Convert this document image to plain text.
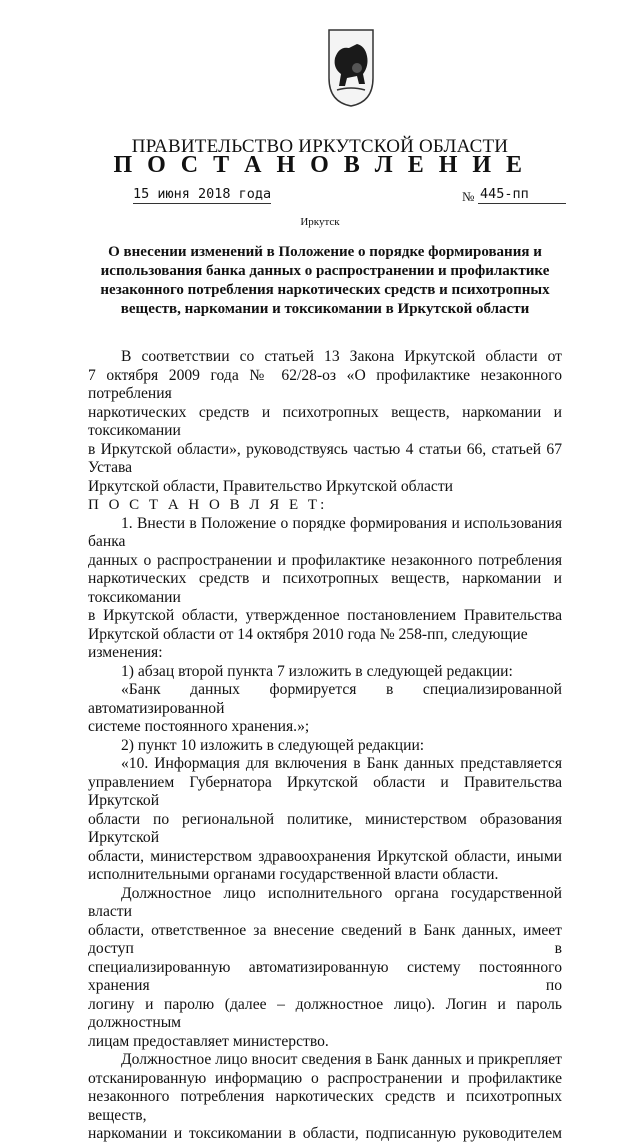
ПРАВИТЕЛЬСТВО ИРКУТСКОЙ ОБЛАСТИ
П О С Т А Н О В Л Е Н И Е
15 июня 2018 года	№ 445-пп
Иркутск
О внесении изменений в Положение о порядке формирования и использования банка данных о распространении и профилактике незаконного потребления наркотических средств и психотропных веществ, наркомании и токсикомании в Иркутской области
В соответствии со статьей 13 Закона Иркутской области от
7 октября 2009 года № 62/28-оз «О профилактике незаконного потребления
наркотических средств и психотропных веществ, наркомании и токсикомании
в Иркутской области», руководствуясь частью 4 статьи 66, статьей 67 Устава
Иркутской области, Правительство Иркутской области
П О С Т А Н О В Л Я Е Т:
1. Внести в Положение о порядке формирования и использования банка
данных о распространении и профилактике незаконного потребления
наркотических средств и психотропных веществ, наркомании и токсикомании
в Иркутской области, утвержденное постановлением Правительства
Иркутской области от 14 октября 2010 года № 258-пп, следующие изменения:
1) абзац второй пункта 7 изложить в следующей редакции:
«Банк данных формируется в специализированной автоматизированной
системе постоянного хранения.»;
2) пункт 10 изложить в следующей редакции:
«10. Информация для включения в Банк данных представляется
управлением Губернатора Иркутской области и Правительства Иркутской
области по региональной политике, министерством образования Иркутской
области, министерством здравоохранения Иркутской области, иными
исполнительными органами государственной власти области.
Должностное лицо исполнительного органа государственной власти
области, ответственное за внесение сведений в Банк данных, имеет доступ в
специализированную автоматизированную систему постоянного хранения по
логину и паролю (далее – должностное лицо). Логин и пароль должностным
лицам предоставляет министерство.
Должностное лицо вносит сведения в Банк данных и прикрепляет
отсканированную информацию о распространении и профилактике
незаконного потребления наркотических средств и психотропных веществ,
наркомании и токсикомании в области, подписанную руководителем
